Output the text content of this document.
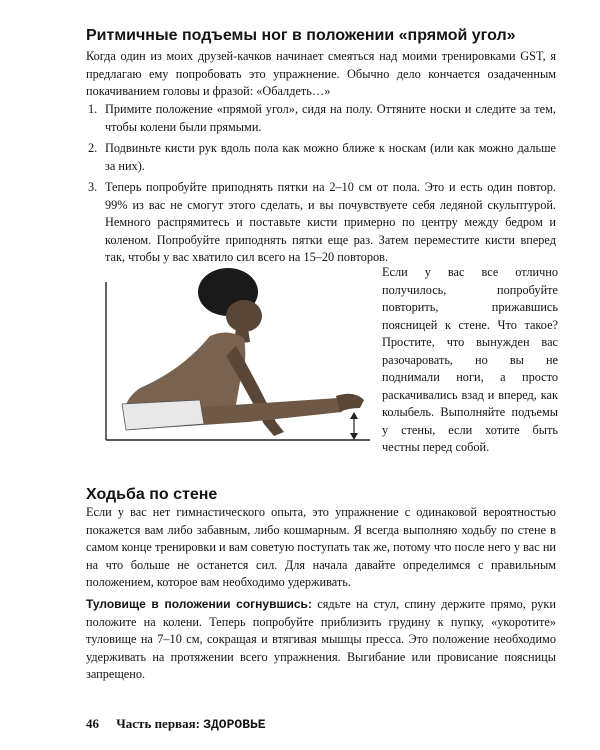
Ритмичные подъемы ног в положении «прямой угол»

Когда один из моих друзей-качков начинает смеяться над моими тренировками GST, я предлагаю ему попробовать это упражнение. Обычно дело кончается озадаченным покачиванием головы и фразой: «Обалдеть…»

1. Примите положение «прямой угол», сидя на полу. Оттяните носки и следите за тем, чтобы колени были прямыми.
2. Подвиньте кисти рук вдоль пола как можно ближе к носкам (или как можно дальше за них).
3. Теперь попробуйте приподнять пятки на 2–10 см от пола. Это и есть один повтор. 99% из вас не смогут этого сделать, и вы почувствуете себя ледяной скульптурой. Немного распрямитесь и поставьте кисти примерно по центру между бедром и коленом. Попробуйте приподнять пятки еще раз. Затем переместите кисти вперед так, чтобы у вас хватило сил всего на 15–20 повторов.

Если у вас все отлично получилось, попробуйте повторить, прижавшись поясницей к стене. Что такое? Простите, что вынужден вас разочаровать, но вы не поднимали ноги, а просто раскачивались взад и вперед, как колыбель. Выполняйте подъемы у стены, если хотите быть честны перед собой.

Ходьба по стене

Если у вас нет гимнастического опыта, это упражнение с одинаковой вероятностью покажется вам либо забавным, либо кошмарным. Я всегда выполняю ходьбу по стене в самом конце тренировки и вам советую поступать так же, потому что после него у вас ни на что больше не останется сил. Для начала давайте определимся с правильным положением, которое вам необходимо удерживать.

Туловище в положении согнувшись: сядьте на стул, спину держите прямо, руки положите на колени. Теперь попробуйте приблизить грудину к пупку, «укоротите» туловище на 7–10 см, сокращая и втягивая мышцы пресса. Это положение необходимо удерживать на протяжении всего упражнения. Выгибание или провисание поясницы запрещено.

46 Часть первая: ЗДОРОВЬЕ
